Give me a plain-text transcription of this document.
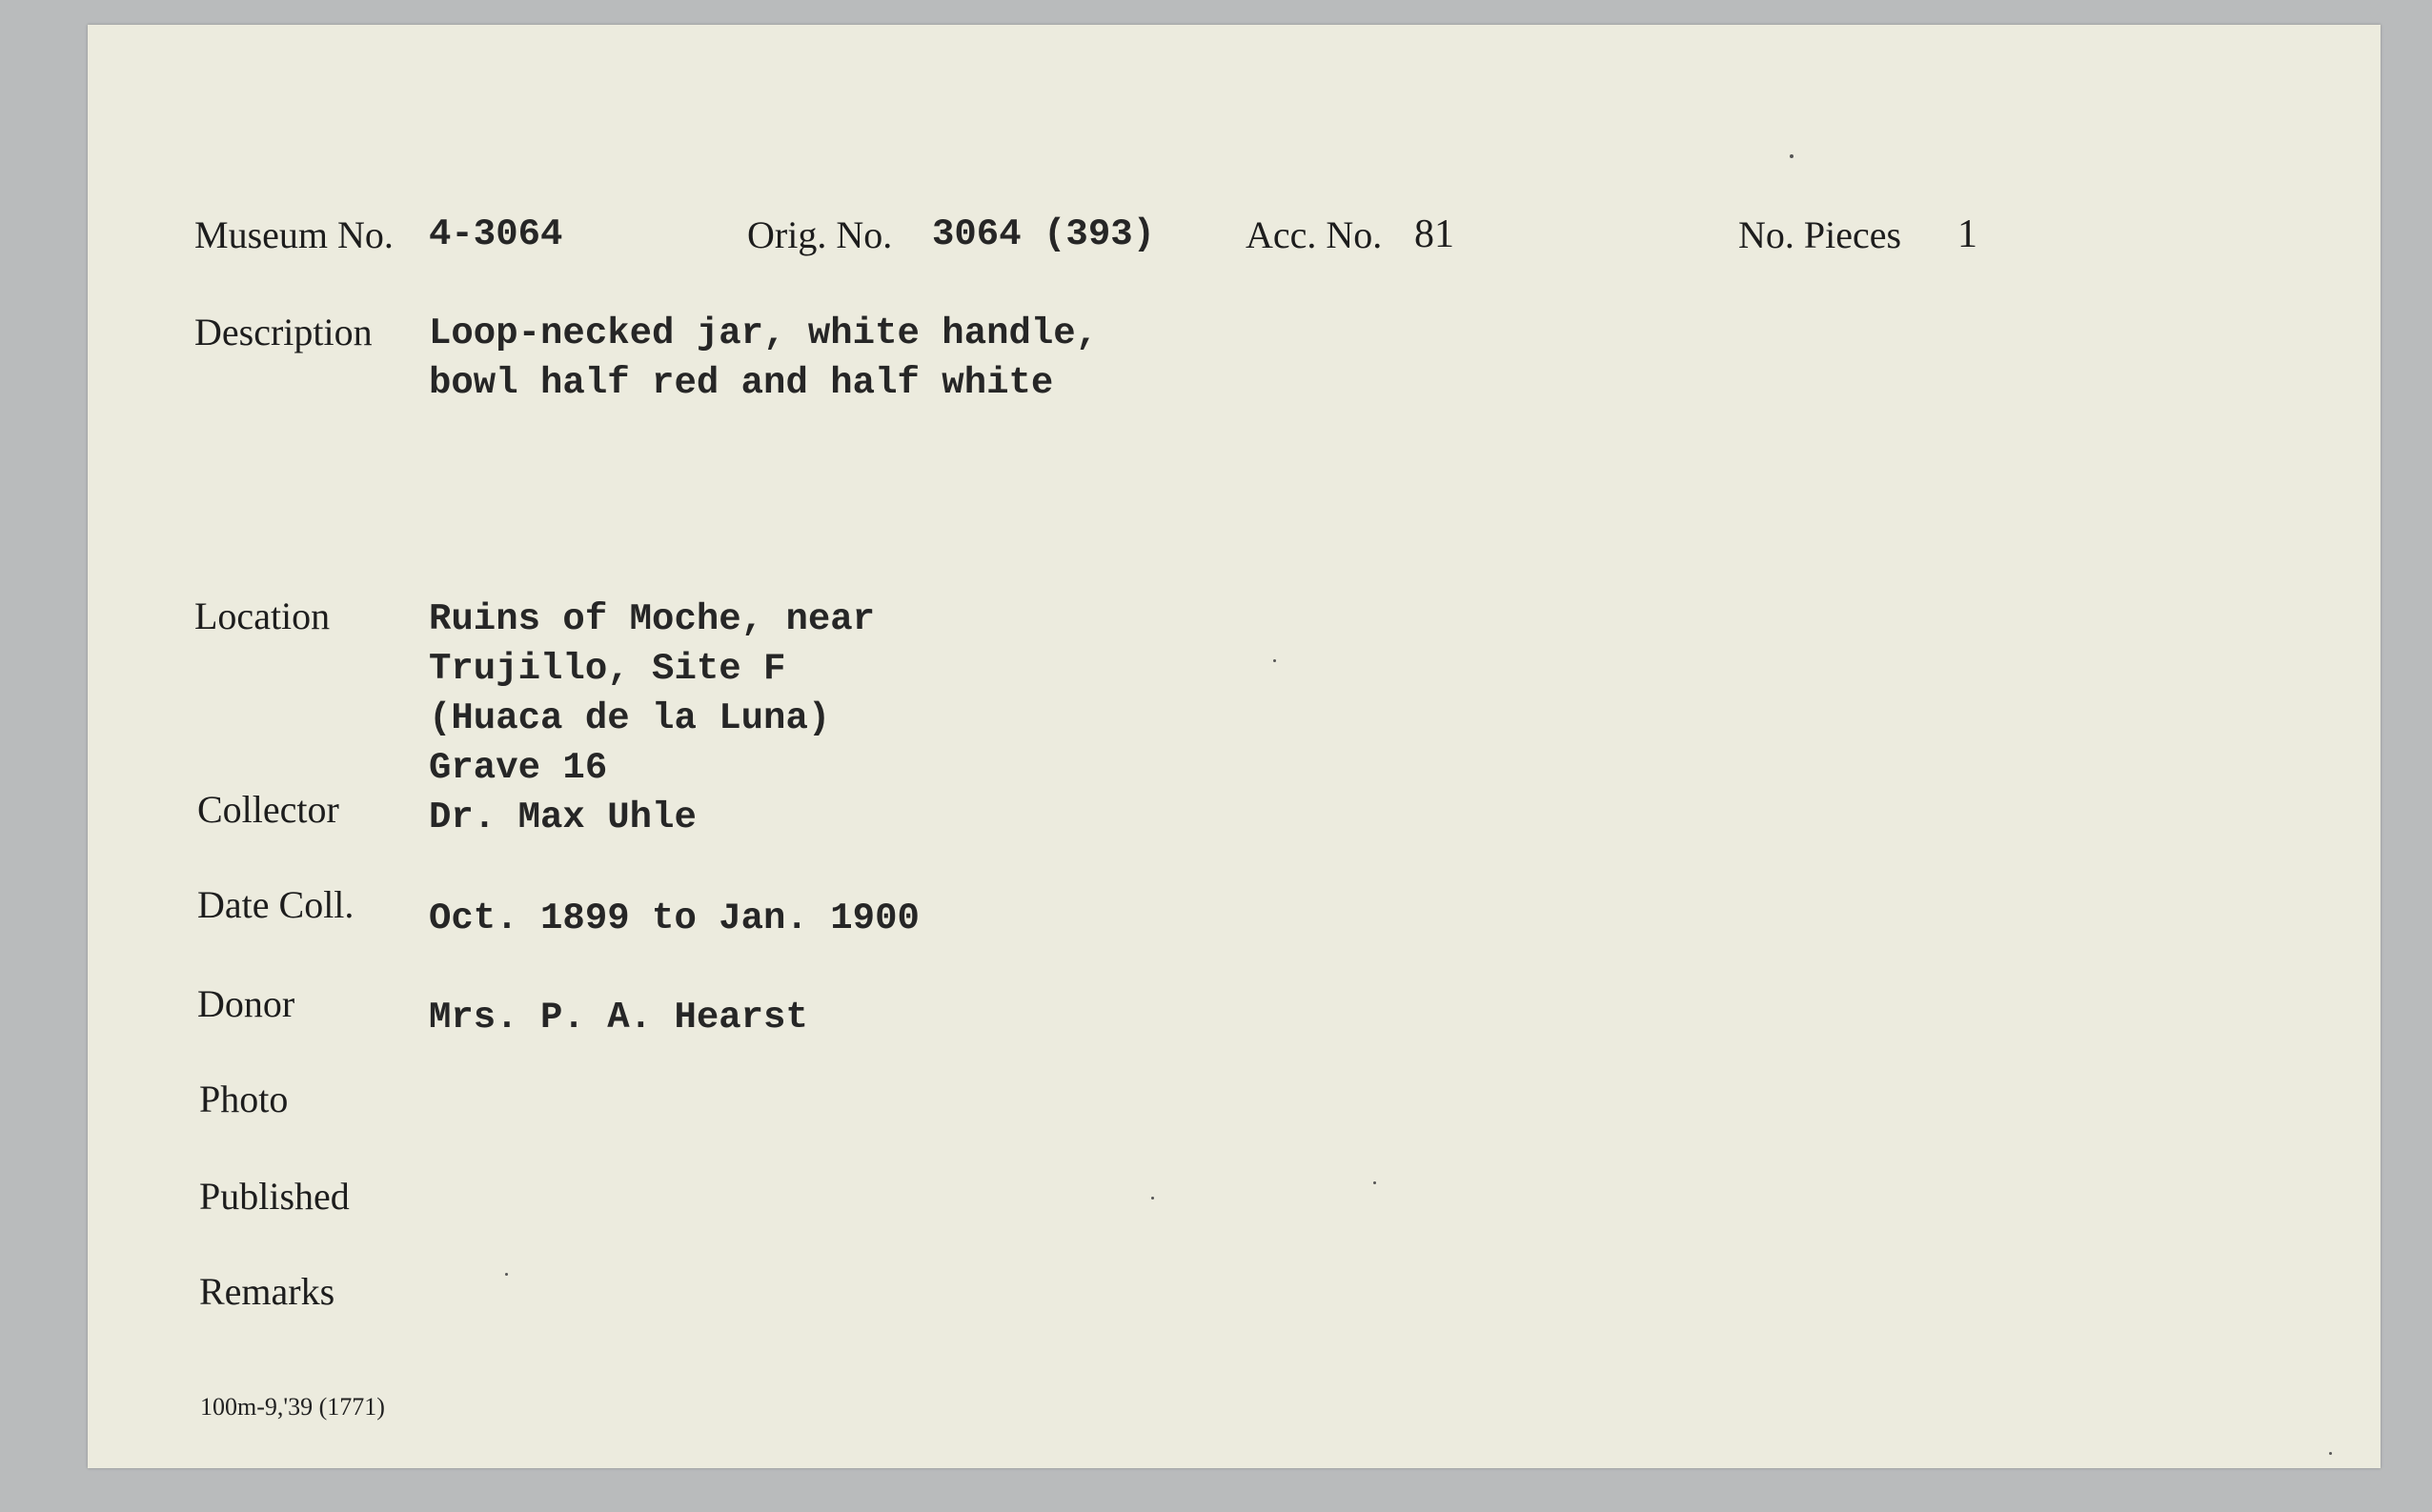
Museum No. 4-3064	Orig. No. 3064 (393) Acc. No. 81	No. Pieces 1
Description Loop-necked jar, white handle,
bowl half red and half white
Location	Ruins of Moche, near
Trujillo, Site F
(Huaca de la Luna)
Grave 16
Collector Dr. Max Uhle
Date Coll. Oct. 1899 to Jan. 1900
Donor	Mrs. P. A. Hearst
Photo
Published
Remarks
100m-9,'39 (1771)
